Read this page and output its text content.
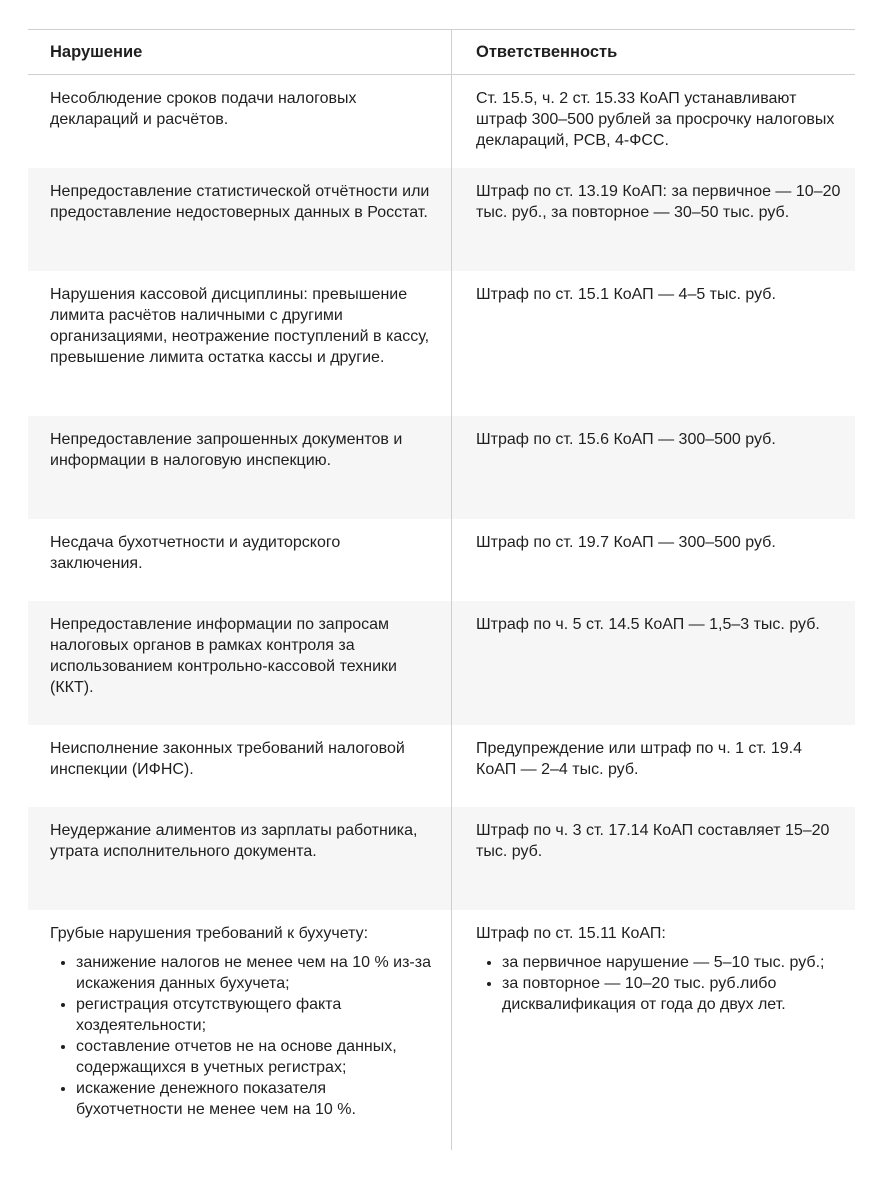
Нарушение	Ответственность
Несоблюдение сроков подачи налоговых деклараций и расчётов.
Ст. 15.5, ч. 2 ст. 15.33 КоАП устанавливают штраф 300–500 рублей за просрочку налоговых деклараций, РСВ, 4-ФСС.
Непредоставление статистической отчётности или предоставление недостоверных данных в Росстат.
Штраф по ст. 13.19 КоАП: за первичное — 10–20 тыс. руб., за повторное — 30–50 тыс. руб.
Нарушения кассовой дисциплины: превышение лимита расчётов наличными с другими организациями, неотражение поступлений в кассу, превышение лимита остатка кассы и другие.
Штраф по ст. 15.1 КоАП — 4–5 тыс. руб.
Непредоставление запрошенных документов и информации в налоговую инспекцию.
Штраф по ст. 15.6 КоАП — 300–500 руб.
Несдача бухотчетности и аудиторского заключения.
Штраф по ст. 19.7 КоАП — 300–500 руб.
Непредоставление информации по запросам налоговых органов в рамках контроля за использованием контрольно-кассовой техники (ККТ).

Штраф по ч. 5 ст. 14.5 КоАП — 1,5–3 тыс. руб.

Неисполнение законных требований налоговой инспекции (ИФНС).
Предупреждение или штраф по ч. 1 ст. 19.4 КоАП — 2–4 тыс. руб.
Неудержание алиментов из зарплаты работника, утрата исполнительного документа.
Штраф по ч. 3 ст. 17.14 КоАП составляет 15–20 тыс. руб.

Грубые нарушения требований к бухучету:

• занижение налогов не менее чем на 10 % из-за искажения данных бухучета;
• регистрация отсутствующего факта хоздеятельности;
• составление отчетов не на основе данных, содержащихся в учетных регистрах;
• искажение денежного показателя бухотчетности не менее чем на 10 %.

Штраф по ст. 15.11 КоАП:

• за первичное нарушение — 5–10 тыс. руб.;
• за повторное — 10–20 тыс. руб.либо дисквалификация от года до двух лет.
